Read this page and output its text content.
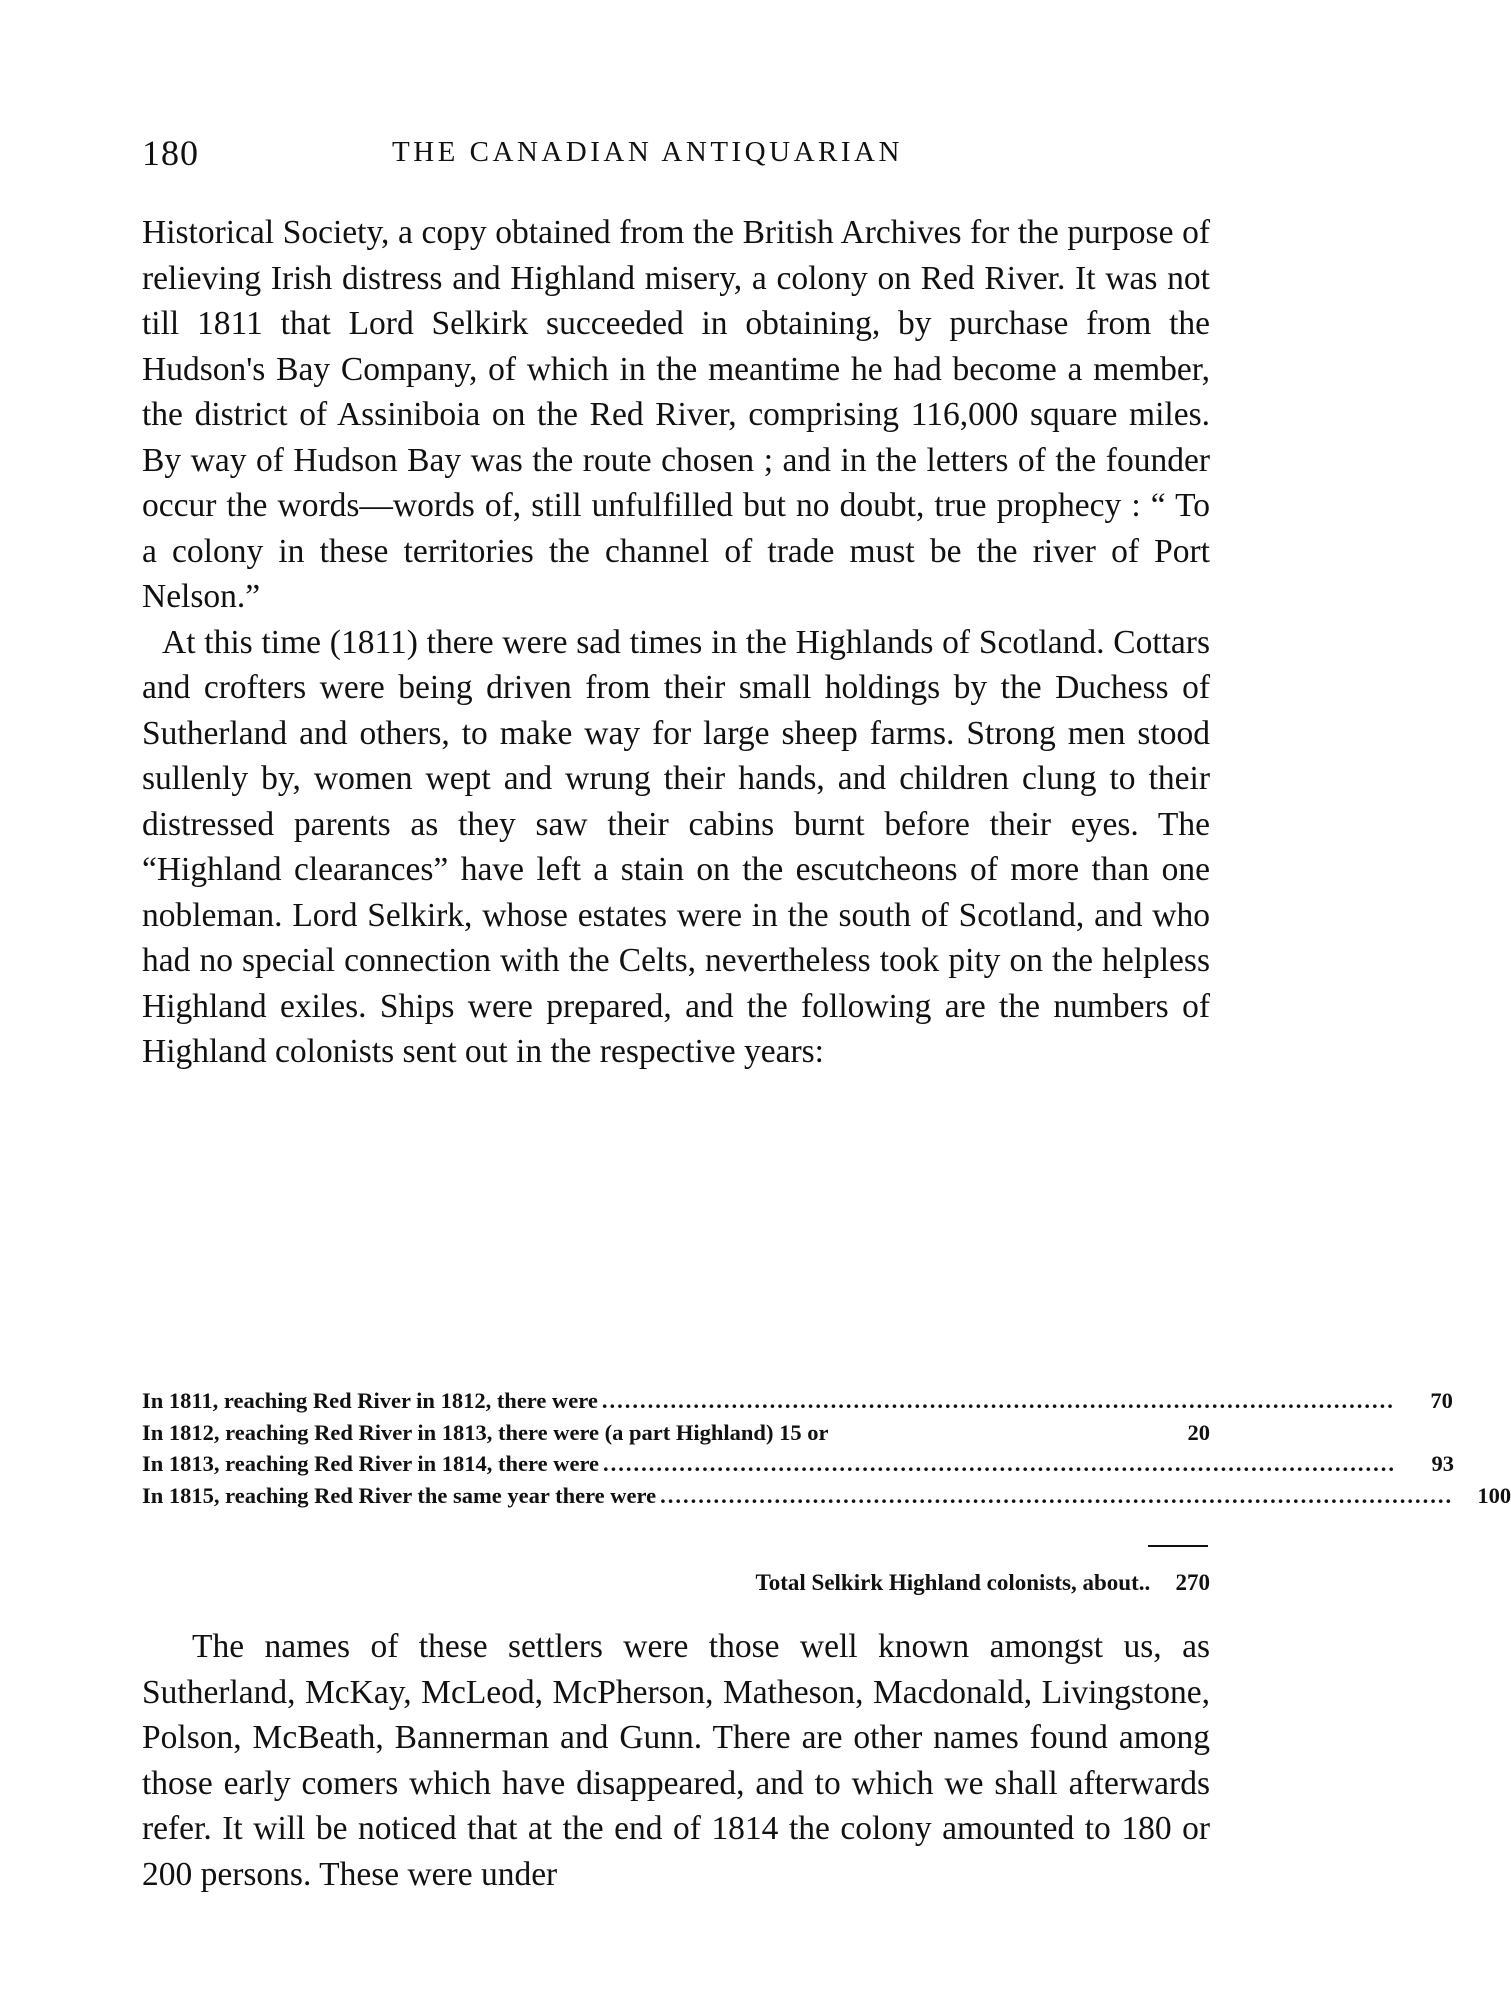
180	THE CANADIAN ANTIQUARIAN

Historical Society, a copy obtained from the British Archives for the purpose of relieving Irish distress and Highland misery, a colony on Red River. It was not till 1811 that Lord Selkirk succeeded in obtaining, by purchase from the Hudson's Bay Company, of which in the meantime he had become a member, the district of Assiniboia on the Red River, comprising 116,000 square miles. By way of Hudson Bay was the route chosen ; and in the letters of the founder occur the words—words of, still unfulfilled but no doubt, true prophecy : “ To a colony in these territories the channel of trade must be the river of Port Nelson.”

At this time (1811) there were sad times in the Highlands of Scotland. Cottars and crofters were being driven from their small holdings by the Duchess of Sutherland and others, to make way for large sheep farms. Strong men stood sullenly by, women wept and wrung their hands, and children clung to their distressed parents as they saw their cabins burnt before their eyes. The “Highland clearances” have left a stain on the escutcheons of more than one nobleman. Lord Selkirk, whose estates were in the south of Scotland, and who had no special connection with the Celts, nevertheless took pity on the helpless Highland exiles. Ships were prepared, and the following are the numbers of Highland colonists sent out in the respective years:

In 1811, reaching Red River in 1812, there were ........................................................................................................	70
In 1812, reaching Red River in 1813, there were (a part Highland) 15 or	20
In 1813, reaching Red River in 1814, there were ........................................................................................................	93
In 1815, reaching Red River the same year there were ........................................................................................................	100
Total Selkirk Highland colonists, about.. 270

The names of these settlers were those well known amongst us, as Sutherland, McKay, McLeod, McPherson, Matheson, Macdonald, Livingstone, Polson, McBeath, Bannerman and Gunn. There are other names found among those early comers which have disappeared, and to which we shall afterwards refer. It will be noticed that at the end of 1814 the colony amounted to 180 or 200 persons. These were under
